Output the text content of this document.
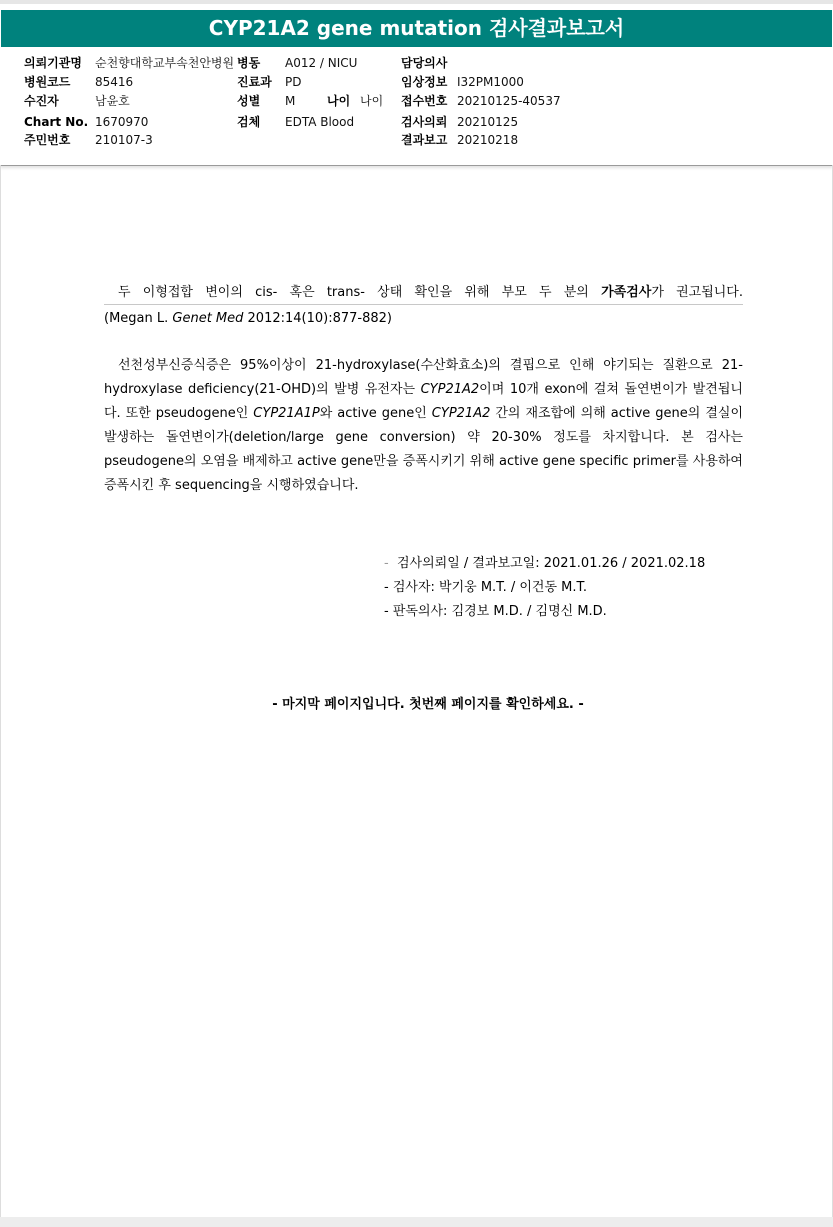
CYP21A2 gene mutation 검사결과보고서
의뢰기관명 순천향대학교부속천안병원 병동 A012 / NICU	담당의사
병원코드 85416	진료과 PD	임상정보 I32PM1000
수진자	남윤호	성별 M	나이 나이 접수번호 20210125-40537
Chart No. 1670970	검체 EDTA Blood	검사의뢰 20210125
주민번호 210107-3	결과보고 20210218
두 이형접합 변이의 cis- 혹은 trans- 상태 확인을 위해 부모 두 분의 가족검사가 권고됩니다.
(Megan L. Genet Med 2012:14(10):877-882)
선천성부신증식증은 95%이상이 21-hydroxylase(수산화효소)의 결핍으로 인해 야기되는 질환으로 21-hydroxylase deficiency(21-OHD)의 발병 유전자는 CYP21A2이며 10개 exon에 걸쳐 돌연변이가 발견됩니다. 또한 pseudogene인 CYP21A1P와 active gene인 CYP21A2 간의 재조합에 의해 active gene의 결실이 발생하는 돌연변이가(deletion/large gene conversion) 약 20-30% 정도를 차지합니다. 본 검사는 pseudogene의 오염을 배제하고 active gene만을 증폭시키기 위해 active gene specific primer를 사용하여 증폭시킨 후 sequencing을 시행하였습니다.
- 검사의뢰일 / 결과보고일: 2021.01.26 / 2021.02.18
- 검사자: 박기웅 M.T. / 이건동 M.T.
- 판독의사: 김경보 M.D. / 김명신 M.D.
- 마지막 페이지입니다. 첫번째 페이지를 확인하세요. -
